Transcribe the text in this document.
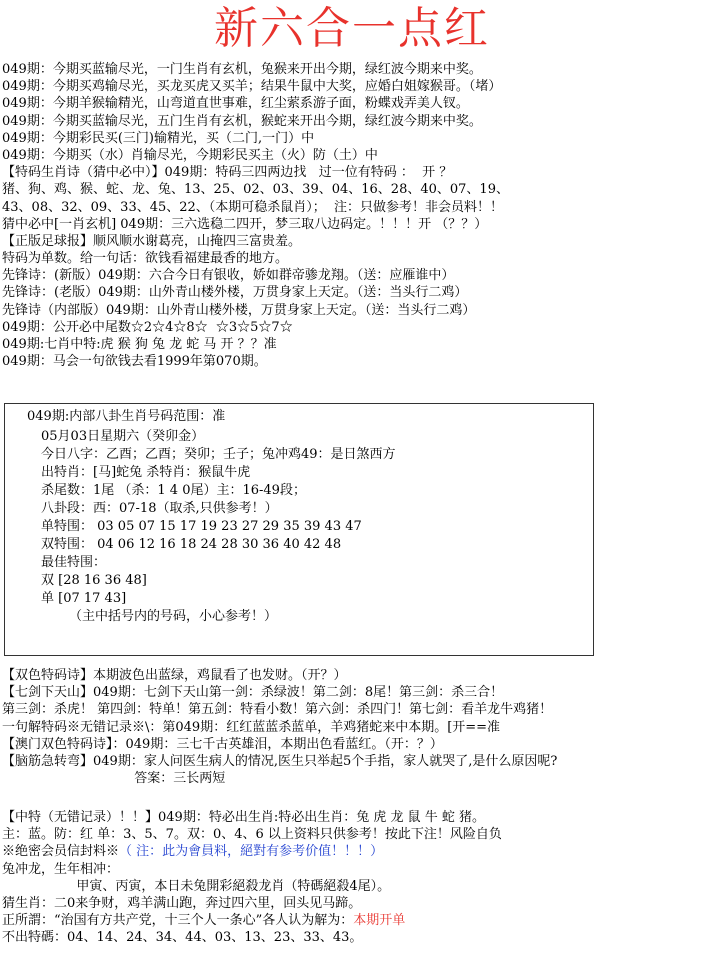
新六合一点红
049期：今期买蓝输尽光，一门生肖有玄机，兔猴来开出今期，绿红波今期来中奖。
049期：今期买鸡输尽光，买龙买虎又买羊；结果牛鼠中大奖，应婚白姐嫁猴哥。（堵）
049期：今期羊猴输精光，山弯道直世事难，红尘萦系游子面，粉蝶戏弄美人钗。
049期：今期买蓝输尽光，五门生肖有玄机，猴蛇来开出今期，绿红波今期来中奖。
049期：今期彩民买(三门)输精光，买（二门,一门）中
049期：今期买（水）肖输尽光，今期彩民买主（火）防（土）中
【特码生肖诗（猜中必中）】049期：特码三四两边找   过一位有特码 ：  开 ？
猪、狗、鸡、猴、蛇、龙、兔、13、25、02、03、39、04、16、28、40、07、19、
43、08、32、09、33、45、22、（本期可稳杀鼠肖）；  注：只做参考！非会员料！！
猜中必中[一肖玄机] 049期：三六选稳二四开，梦三取八边码定。！！！开 （？？）
【正版足球报】顺风顺水谢葛亮，山掩四三富贵羞。
特码为单数。给一句话：欲钱看福建最香的地方。
先锋诗：(新版）049期：六合今日有银收，娇如群帝骖龙翔。（送：应雁谁中）
先锋诗：(老版）049期：山外青山楼外楼，万贯身家上天定。（送：当头行二鸡）
先锋诗（内部版）049期：山外青山楼外楼，万贯身家上天定。（送：当头行二鸡）
049期：公开必中尾数☆2☆4☆8☆  ☆3☆5☆7☆
049期:七肖中特:虎 猴 狗 兔 龙 蛇 马 开 ？？准
049期：马会一句欲钱去看1999年第070期。
049期:内部八卦生肖号码范围：准
05月03日星期六（癸卯金）
今日八字：乙酉；乙酉；癸卯；壬子；兔冲鸡49：是日煞西方
出特肖：[马]蛇兔 杀特肖：猴鼠牛虎
杀尾数：1尾 （杀：1 4 0尾）主：16-49段；
八卦段：西：07-18（取杀,只供参考！）
单特围： 03 05 07 15 17 19 23 27 29 35 39 43 47
双特围： 04 06 12 16 18 24 28 30 36 40 42 48
最佳特围：
双 [28 16 36 48]
单 [07 17 43]
（主中括号内的号码，小心参考！）
【双色特码诗】本期波色出蓝绿，鸡鼠看了也发财。（开？）
【七剑下天山】049期：七剑下天山第一剑：杀绿波！第二剑：8尾！第三剑：杀三合！
第三剑：杀虎！ 第四剑：特单！第五剑：特看小数！第六剑：杀四门！第七剑：看羊龙牛鸡猪！
一句解特码※无错记录※\：第049期：红红蓝蓝杀蓝单，羊鸡猪蛇来中本期。[开==准
【澳门双色特码诗】：049期：三七千古英雄泪，本期出色看蓝红。（开：？）
【脑筋急转弯】049期：家人问医生病人的情况,医生只举起5个手指，家人就哭了,是什么原因呢?
答案：三长两短
【中特（无错记录）！！】049期：特必出生肖:特必出生肖：兔 虎 龙 鼠 牛 蛇 猪。
主：蓝。防：红 单：3、5、7。双：0、4、6 以上资料只供参考！按此下注！风险自负
※绝密会员信封料※（ 注：此为會員料，絕對有参考价值！！！）
兔冲龙，生年相冲：
甲寅、丙寅，本日未兔開彩絕殺龙肖（特碼絕殺4尾）。
猜生肖：二0来争财，鸡羊满山跑，奔过四六里，回头见马蹄。
正所謂：“治国有方共产党，十三个人一条心”各人认为解为：本期开单
不出特碼：04、14、24、34、44、03、13、23、33、43。
